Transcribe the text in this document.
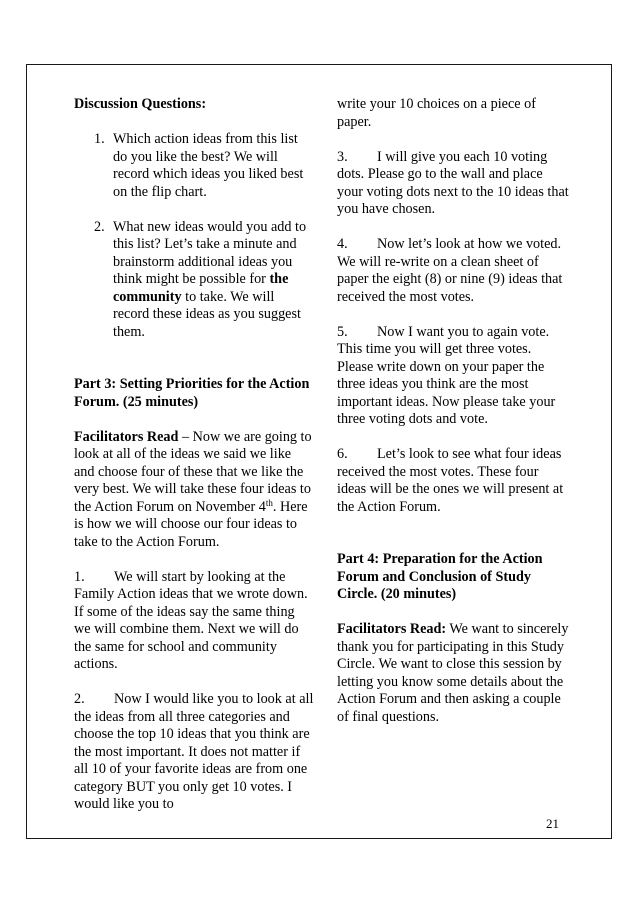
Discussion Questions:

1. Which action ideas from this list do you like the best? We will record which ideas you liked best on the flip chart.
2. What new ideas would you add to this list? Let’s take a minute and brainstorm additional ideas you think might be possible for the community to take. We will record these ideas as you suggest them.

Part 3: Setting Priorities for the Action Forum. (25 minutes)

Facilitators Read – Now we are going to look at all of the ideas we said we like and choose four of these that we like the very best. We will take these four ideas to the Action Forum on November 4th. Here is how we will choose our four ideas to take to the Action Forum.

1. We will start by looking at the Family Action ideas that we wrote down. If some of the ideas say the same thing we will combine them. Next we will do the same for school and community actions.

2. Now I would like you to look at all the ideas from all three categories and choose the top 10 ideas that you think are the most important. It does not matter if all 10 of your favorite ideas are from one category BUT you only get 10 votes. I would like you to

write your 10 choices on a piece of paper.

3. I will give you each 10 voting dots. Please go to the wall and place your voting dots next to the 10 ideas that you have chosen.

4. Now let’s look at how we voted. We will re-write on a clean sheet of paper the eight (8) or nine (9) ideas that received the most votes.

5. Now I want you to again vote. This time you will get three votes. Please write down on your paper the three ideas you think are the most important ideas. Now please take your three voting dots and vote.

6. Let’s look to see what four ideas received the most votes. These four ideas will be the ones we will present at the Action Forum.

Part 4: Preparation for the Action Forum and Conclusion of Study Circle. (20 minutes)

Facilitators Read: We want to sincerely thank you for participating in this Study Circle. We want to close this session by letting you know some details about the Action Forum and then asking a couple of final questions.

21
